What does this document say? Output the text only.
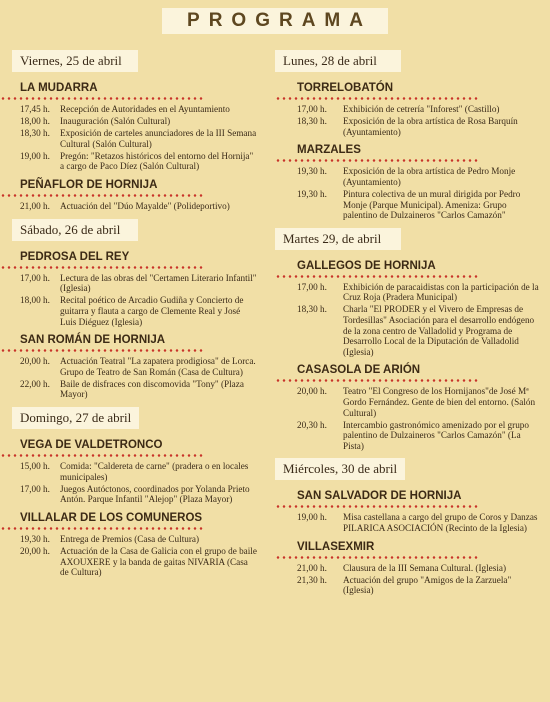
PROGRAMA
Viernes, 25 de abril
LA MUDARRA
17,45 h.	Recepción de Autoridades en el Ayuntamiento
18,00 h.	Inauguración (Salón Cultural)
18,30 h.	Exposición de carteles anunciadores de la III Semana Cultural (Salón Cultural)
19,00 h.	Pregón: "Retazos históricos del entorno del Hornija" a cargo de Paco Díez (Salón Cultural)
PEÑAFLOR DE HORNIJA
21,00 h.	Actuación del "Dúo Mayalde" (Polideportivo)
Sábado, 26 de abril
PEDROSA DEL REY
17,00 h.	Lectura de las obras del "Certamen Literario Infantil" (Iglesia)
18,00 h.	Recital poético de Arcadio Gudiña y Concierto de guitarra y flauta a cargo de Clemente Real y José Luis Diéguez (Iglesia)
SAN ROMÁN DE HORNIJA
20,00 h.	Actuación Teatral "La zapatera prodigiosa" de Lorca. Grupo de Teatro de San Román (Casa de Cultura)
22,00 h.	Baile de disfraces con discomovida "Tony" (Plaza Mayor)
Domingo, 27 de abril
VEGA DE VALDETRONCO
15,00 h.	Comida: "Caldereta de carne" (pradera o en locales municipales)
17,00 h.	Juegos Autóctonos, coordinados por Yolanda Prieto Antón. Parque Infantil "Alejop" (Plaza Mayor)
VILLALAR DE LOS COMUNEROS
19,30 h.	Entrega de Premios (Casa de Cultura)
20,00 h.	Actuación de la Casa de Galicia con el grupo de baile AXOUXERE y la banda de gaitas NIVARIA (Casa de Cultura)
Lunes, 28 de abril
TORRELOBATÓN
17,00 h.	Exhibición de cetrería "Inforest" (Castillo)
18,30 h.	Exposición de la obra artística de Rosa Barquín (Ayuntamiento)
MARZALES
19,30 h.	Exposición de la obra artística de Pedro Monje (Ayuntamiento)
19,30 h.	Pintura colectiva de un mural dirigida por Pedro Monje (Parque Municipal). Ameniza: Grupo palentino de Dulzaineros "Carlos Camazón"
Martes 29, de abril
GALLEGOS DE HORNIJA
17,00 h.	Exhibición de paracaidistas con la participación de la Cruz Roja (Pradera Municipal)
18,30 h.	Charla "El PRODER y el Vivero de Empresas de Tordesillas" Asociación para el desarrollo endógeno de la zona centro de Valladolid y Programa de Desarrollo Local de la Diputación de Valladolid (Iglesia)
CASASOLA DE ARIÓN
20,00 h.	Teatro "El Congreso de los Hornijanos"de José Mª Gordo Fernández. Gente de bien del entorno. (Salón Cultural)
20,30 h.	Intercambio gastronómico amenizado por el grupo palentino de Dulzaineros "Carlos Camazón" (La Pista)
Miércoles, 30 de abril
SAN SALVADOR DE HORNIJA
19,00 h.	Misa castellana a cargo del grupo de Coros y Danzas PILARICA ASOCIACIÓN (Recinto de la Iglesia)
VILLASEXMIR
21,00 h.	Clausura de la III Semana Cultural. (Iglesia)
21,30 h.	Actuación del grupo "Amigos de la Zarzuela" (Iglesia)
